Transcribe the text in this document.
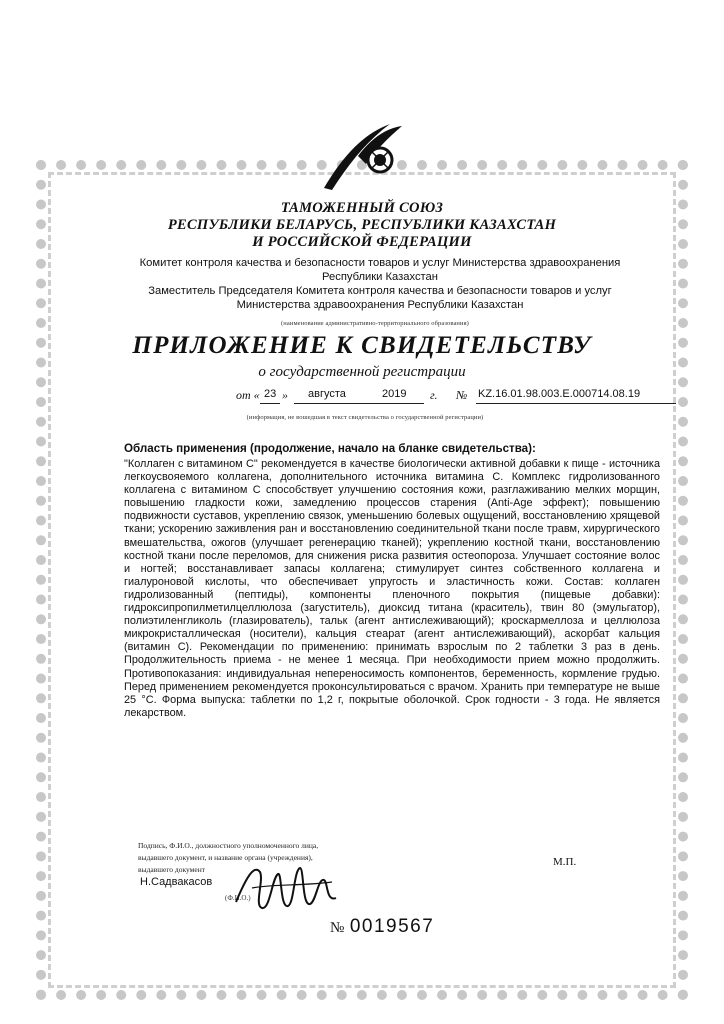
ТАМОЖЕННЫЙ СОЮЗ
РЕСПУБЛИКИ БЕЛАРУСЬ, РЕСПУБЛИКИ КАЗАХСТАН
И РОССИЙСКОЙ ФЕДЕРАЦИИ
Комитет контроля качества и безопасности товаров и услуг Министерства здравоохранения
Республики Казахстан
Заместитель Председателя Комитета контроля качества и безопасности товаров и услуг
Министерства здравоохранения Республики Казахстан
(наименование административно-территориального образования)
ПРИЛОЖЕНИЕ К СВИДЕТЕЛЬСТВУ
о государственной регистрации
от « 23 » августа	2019 г. № KZ.16.01.98.003.E.000714.08.19
(информация, не вошедшая в текст свидетельства о государственной регистрации)
Область применения (продолжение, начало на бланке свидетельства):
"Коллаген с витамином С" рекомендуется в качестве биологически активной добавки к пище - источника легкоусвояемого коллагена, дополнительного источника витамина С. Комплекс гидролизованного коллагена с витамином С способствует улучшению состояния кожи, разглаживанию мелких морщин, повышению гладкости кожи, замедлению процессов старения (Anti-Age эффект); повышению подвижности суставов, укреплению связок, уменьшению болевых ощущений, восстановлению хрящевой ткани; ускорению заживления ран и восстановлению соединительной ткани после травм, хирургического вмешательства, ожогов (улучшает регенерацию тканей); укреплению костной ткани, восстановлению костной ткани после переломов, для снижения риска развития остеопороза. Улучшает состояние волос и ногтей; восстанавливает запасы коллагена; стимулирует синтез собственного коллагена и гиалуроновой кислоты, что обеспечивает упругость и эластичность кожи. Состав: коллаген гидролизованный (пептиды), компоненты пленочного покрытия (пищевые добавки): гидроксипропилметилцеллюлоза (загуститель), диоксид титана (краситель), твин 80 (эмульгатор), полиэтиленгликоль (глазирователь), тальк (агент антислеживающий); кроскармеллоза и целлюлоза микрокристаллическая (носители), кальция стеарат (агент антислеживающий), аскорбат кальция (витамин С). Рекомендации по применению: принимать взрослым по 2 таблетки 3 раз в день. Продолжительность приема - не менее 1 месяца. При необходимости прием можно продолжить. Противопоказания: индивидуальная непереносимость компонентов, беременность, кормление грудью. Перед применением рекомендуется проконсультироваться с врачом. Хранить при температуре не выше 25 °С. Форма выпуска: таблетки по 1,2 г, покрытые оболочкой. Срок годности - 3 года. Не является лекарством.
Подпись, Ф.И.О., должностного уполномоченного лица,
выдавшего документ, и название органа (учреждения),
выдавшего документ
М.П.
Н.Садвакасов
(Ф.И.О.)
№ 0019567
